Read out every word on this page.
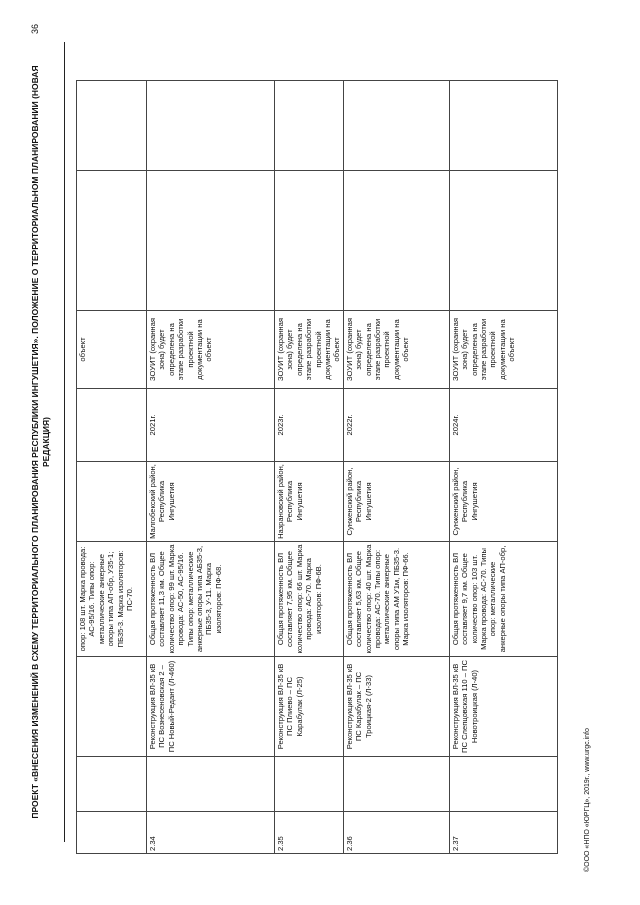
ПРОЕКТ «ВНЕСЕНИЯ ИЗМЕНЕНИЙ В СХЕМУ ТЕРРИТОРИАЛЬНОГО ПЛАНИРОВАНИЯ РЕСПУБЛИКИ ИНГУШЕТИЯ». ПОЛОЖЕНИЕ О ТЕРРИТОРИАЛЬНОМ ПЛАНИРОВАНИИ (НОВАЯ РЕДАКЦИЯ)
36
			опор: 108 шт. Марка провода: АС-95/16. Типы опор: металлические анкерные опоры типа АП-обр, У35-1; ПБ35-3. Марка изоляторов: ПС-70.			объект		
2.34		Реконструкция ВЛ-35 кВ ПС Вознесеновская 2 – ПС Новый-Редант (Л-460)	Общая протяженность ВЛ составляет 11,3 км. Общее количество опор: 99 шт. Марка провода: АС-50, АС-95/16. Типы опор: металлические анкерные опоры типа АБ35-3, ПБ35-3, У-11. Марка изоляторов: ПФ-68.	Малгобекский район, Республика Ингушетия	2021г.	ЗОУИТ (охранная зона) будет определена на этапе разработки проектной документации на объект		
2.35		Реконструкция ВЛ-35 кВ ПС Плиево – ПС Карабулак (Л-25)	Общая протяженность ВЛ составляет 7,95 км. Общее количество опор: 66 шт. Марка провода: АС-70. Марка изоляторов: ПФ-6В.	Назрановский район, Республика Ингушетия	2023г.	ЗОУИТ (охранная зона) будет определена на этапе разработки проектной документации на объект		
2.36		Реконструкция ВЛ-35 кВ ПС Карабулак – ПС Троицкая-2 (Л-33)	Общая протяженность ВЛ составляет 5,63 км. Общее количество опор: 40 шт. Марка провода: АС-70. Типы опор: металлические анкерные опоры типа АМ У1м, ПБ35-3. Марка изоляторов: ПФ-66.	Сунженский район, Республика Ингушетия	2022г.	ЗОУИТ (охранная зона) будет определена на этапе разработки проектной документации на объект		
2.37		Реконструкция ВЛ-35 кВ ПС Слепцовская 110 – ПС Новотроицкая (Л-40)	Общая протяженность ВЛ составляет 9,7 км. Общее количество опор: 103 шт. Марка провода: АС-70. Типы опор: металлические анкерные опоры типа АП-обр,	Сунженский район, Республика Ингушетия	2024г.	ЗОУИТ (охранная зона) будет определена на этапе разработки проектной документации на объект		
©ООО «НПО «ЮРГЦ», 2019г., www.urgc.info
